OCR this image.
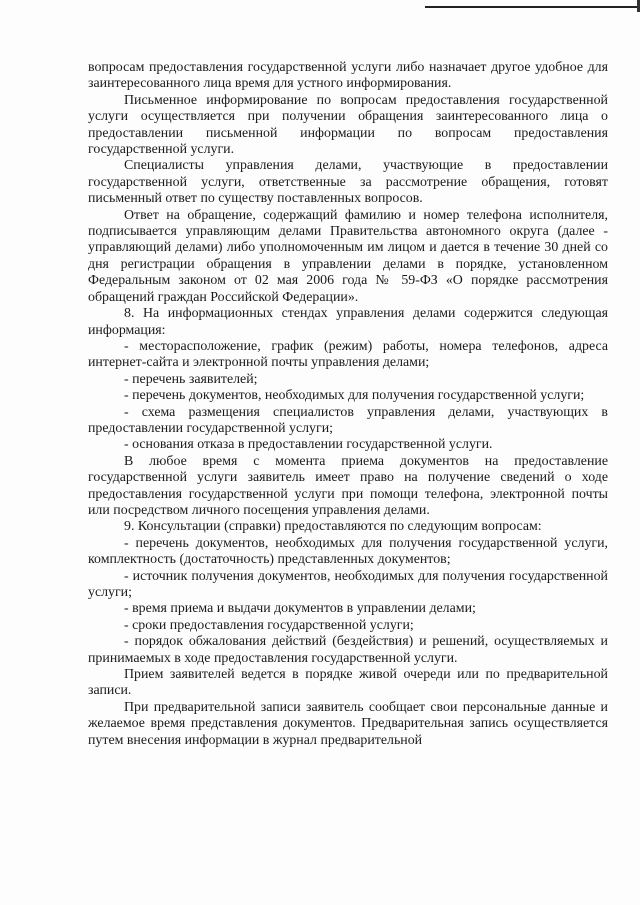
вопросам предоставления государственной услуги либо назначает другое удобное для заинтересованного лица время для устного информирования.

Письменное информирование по вопросам предоставления государственной услуги осуществляется при получении обращения заинтересованного лица о предоставлении письменной информации по вопросам предоставления государственной услуги.

Специалисты управления делами, участвующие в предоставлении государственной услуги, ответственные за рассмотрение обращения, готовят письменный ответ по существу поставленных вопросов.

Ответ на обращение, содержащий фамилию и номер телефона исполнителя, подписывается управляющим делами Правительства автономного округа (далее - управляющий делами) либо уполномоченным им лицом и дается в течение 30 дней со дня регистрации обращения в управлении делами в порядке, установленном Федеральным законом от 02 мая 2006 года № 59-ФЗ «О порядке рассмотрения обращений граждан Российской Федерации».

8. На информационных стендах управления делами содержится следующая информация:

- месторасположение, график (режим) работы, номера телефонов, адреса интернет-сайта и электронной почты управления делами;

- перечень заявителей;

- перечень документов, необходимых для получения государственной услуги;

- схема размещения специалистов управления делами, участвующих в предоставлении государственной услуги;

- основания отказа в предоставлении государственной услуги.

В любое время с момента приема документов на предоставление государственной услуги заявитель имеет право на получение сведений о ходе предоставления государственной услуги при помощи телефона, электронной почты или посредством личного посещения управления делами.

9. Консультации (справки) предоставляются по следующим вопросам:

- перечень документов, необходимых для получения государственной услуги, комплектность (достаточность) представленных документов;

- источник получения документов, необходимых для получения государственной услуги;

- время приема и выдачи документов в управлении делами;

- сроки предоставления государственной услуги;

- порядок обжалования действий (бездействия) и решений, осуществляемых и принимаемых в ходе предоставления государственной услуги.

Прием заявителей ведется в порядке живой очереди или по предварительной записи.

При предварительной записи заявитель сообщает свои персональные данные и желаемое время представления документов. Предварительная запись осуществляется путем внесения информации в журнал предварительной
